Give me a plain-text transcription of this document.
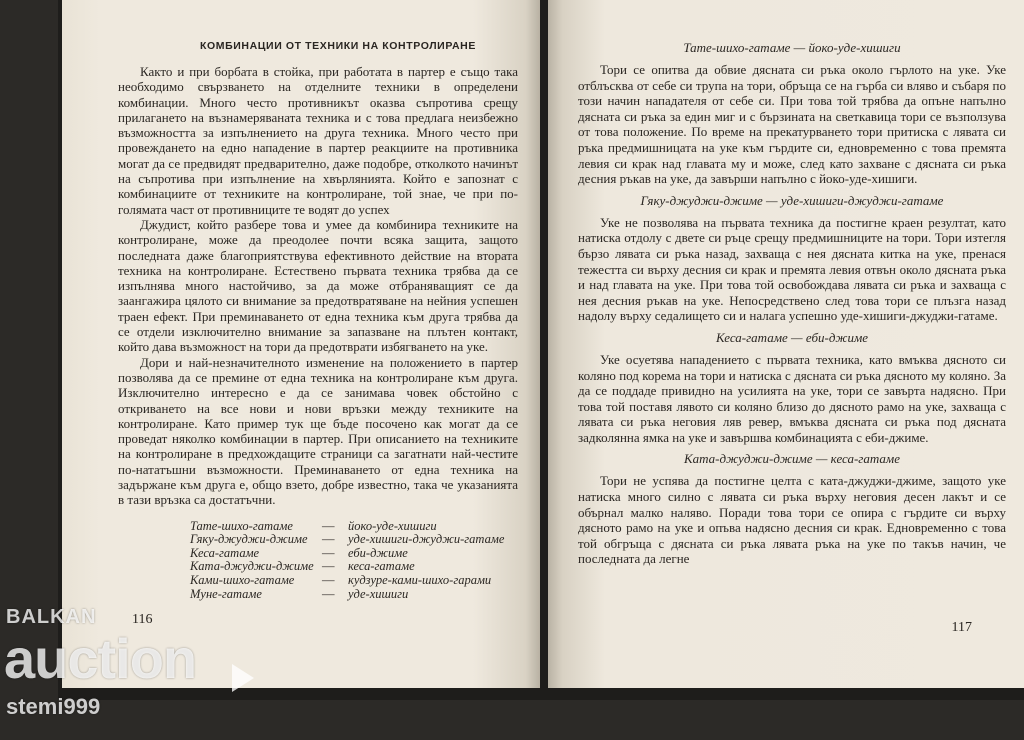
КОМБИНАЦИИ ОТ ТЕХНИКИ НА КОНТРОЛИРАНЕ

Както и при борбата в стойка, при работата в партер е също така необходимо свързването на отделните техники в определени комбинации. Много често противникът оказва съпротива срещу прилагането на възнамеряваната техника и с това предлага неизбежно възможността за изпълнението на друга техника. Много често при провеждането на едно нападение в партер реакциите на противника могат да се предвидят предварително, даже подобре, отколкото начинът на съпротива при изпълнение на хвърлянията. Който е запознат с комбинациите от техниките на контролиране, той знае, че при по-голямата част от противниците те водят до успех

Джудист, който разбере това и умее да комбинира техниките на контролиране, може да преодолее почти всяка защита, защото последната даже благоприятствува ефективното действие на втората техника на контролиране. Естествено първата техника трябва да се изпълнява много настойчиво, за да може отбраняващият се да заангажира цялото си внимание за предотвратяване на нейния успешен траен ефект. При преминаването от една техника към друга трябва да се отдели изключително внимание за запазване на плътен контакт, който дава възможност на тори да предотврати избягването на уке.

Дори и най-незначителното изменение на положението в партер позволява да се премине от една техника на контролиране към друга. Изключително интересно е да се занимава човек обстойно с откриването на все нови и нови връзки между техниките на контролиране. Като пример тук ще бъде посочено как могат да се проведат няколко комбинации в партер. При описанието на техниките на контролиране в предхождащите страници са загатнати най-честите по-нататъшни възможности. Преминаването от една техника на задържане към друга е, общо взето, добре известно, така че указанията в тази връзка са достатъчни.

Тате-шихо-гатаме	—	йоко-уде-хишиги
Гяку-джуджи-джиме	—	уде-хишиги-джуджи-гатаме
Кеса-гатаме	—	еби-джиме
Ката-джуджи-джиме —	кеса-гатаме
Ками-шихо-гатаме	—	кудзуре-ками-шихо-гарами
Муне-гатаме	—	уде-хишиги
116
Тате-шихо-гатаме — йоко-уде-хишиги

Тори се опитва да обвие дясната си ръка около гърлото на уке. Уке отблъсква от себе си трупа на тори, обръща се на гърба си вляво и събаря по този начин нападателя от себе си. При това той трябва да опъне напълно дясната си ръка за един миг и с бързината на светкавица тори се възползува от това положение. По време на прекатурването тори притиска с лявата си ръка предмишницата на уке към гърдите си, едновременно с това премята левия си крак над главата му и може, след като захване с дясната си ръка десния ръкав на уке, да завърши напълно с йоко-уде-хишиги.

Гяку-джуджи-джиме — уде-хишиги-джуджи-гатаме

Уке не позволява на първата техника да постигне краен резултат, като натиска отдолу с двете си ръце срещу предмишниците на тори. Тори изтегля бързо лявата си ръка назад, захваща с нея дясната китка на уке, пренася тежестта си върху десния си крак и премята левия отвън около дясната ръка и над главата на уке. При това той освобождава лявата си ръка и захваща с нея десния ръкав на уке. Непосредствено след това тори се плъзга назад надолу върху седалището си и налага успешно уде-хишиги-джуджи-гатаме.

Кеса-гатаме — еби-джиме

Уке осуетява нападението с първата техника, като вмъква дясното си коляно под корема на тори и натиска с дясната си ръка дясното му коляно. За да се поддаде привидно на усилията на уке, тори се завърта надясно. При това той поставя лявото си коляно близо до дясното рамо на уке, захваща с лявата си ръка неговия ляв ревер, вмъква дясната си ръка под дясната задколянна ямка на уке и завършва комбинацията с еби-джиме.

Ката-джуджи-джиме — кеса-гатаме

Тори не успява да постигне целта с ката-джуджи-джиме, защото уке натиска много силно с лявата си ръка върху неговия десен лакът и се обърнал малко наляво. Поради това тори се опира с гърдите си върху дясното рамо на уке и опъва надясно десния си крак. Едновременно с това той обгръща с дясната си ръка лявата ръка на уке по такъв начин, че последната да легне

117
BALKAN
auction
stemi999
